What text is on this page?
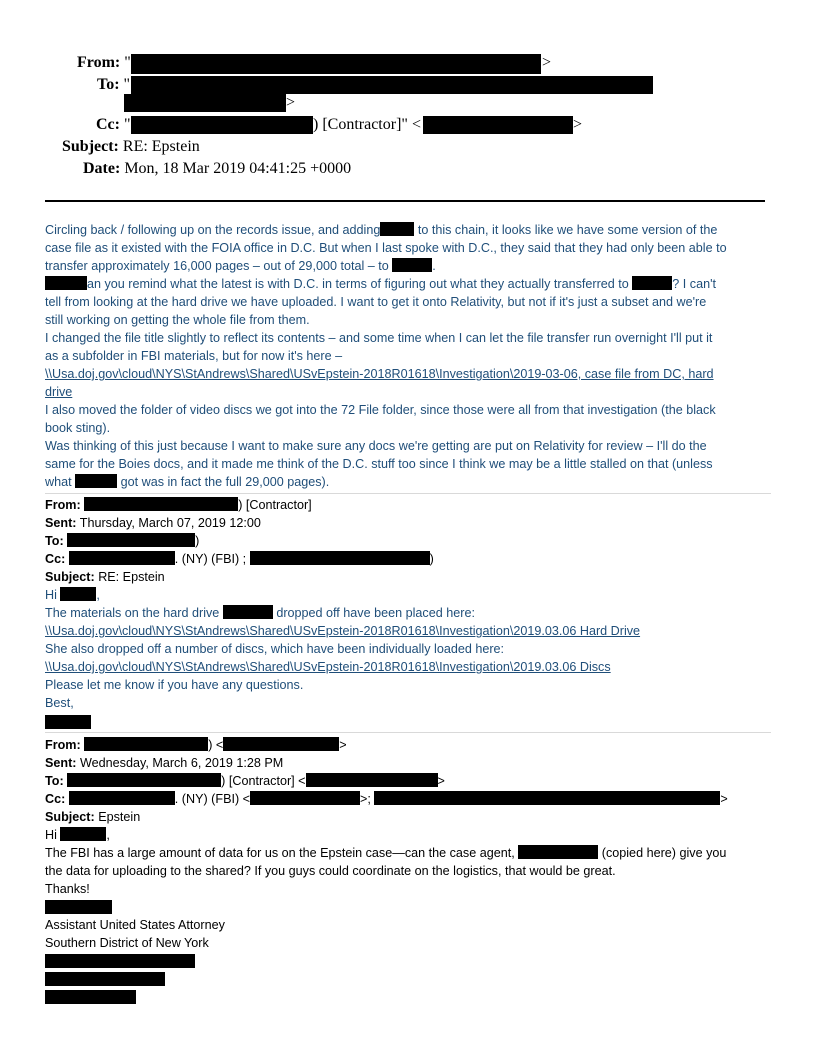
From: "	>
To: "
>
Cc: "	) [Contractor]" <	>
Subject: RE: Epstein
Date: Mon, 18 Mar 2019 04:41:25 +0000
Circling back / following up on the records issue, and adding	to this chain, it looks like we have some version of the
case file as it existed with the FOIA office in D.C. But when I last spoke with D.C., they said that they had only been able to
transfer approximately 16,000 pages – out of 29,000 total – to	.
an you remind what the latest is with D.C. in terms of figuring out what they actually transferred to	? I can't
tell from looking at the hard drive we have uploaded. I want to get it onto Relativity, but not if it's just a subset and we're
still working on getting the whole file from them.
I changed the file title slightly to reflect its contents – and some time when I can let the file transfer run overnight I'll put it
as a subfolder in FBI materials, but for now it's here –
\\Usa.doj.gov\cloud\NYS\StAndrews\Shared\USvEpstein-2018R01618\Investigation\2019-03-06, case file from DC, hard
drive
I also moved the folder of video discs we got into the 72 File folder, since those were all from that investigation (the black
book sting).
Was thinking of this just because I want to make sure any docs we're getting are put on Relativity for review – I'll do the
same for the Boies docs, and it made me think of the D.C. stuff too since I think we may be a little stalled on that (unless
what	got was in fact the full 29,000 pages).
From:	) [Contractor]
Sent: Thursday, March 07, 2019 12:00
To:	)
Cc:	. (NY) (FBI) ;	)
Subject: RE: Epstein
Hi	,
The materials on the hard drive	dropped off have been placed here:
\\Usa.doj.gov\cloud\NYS\StAndrews\Shared\USvEpstein-2018R01618\Investigation\2019.03.06 Hard Drive
She also dropped off a number of discs, which have been individually loaded here:
\\Usa.doj.gov\cloud\NYS\StAndrews\Shared\USvEpstein-2018R01618\Investigation\2019.03.06 Discs
Please let me know if you have any questions.
Best,
From:	) <	>
Sent: Wednesday, March 6, 2019 1:28 PM
To:	) [Contractor] <	>
Cc:	. (NY) (FBI) <	>;	>
Subject: Epstein
Hi	,
The FBI has a large amount of data for us on the Epstein case—can the case agent,	(copied here) give you
the data for uploading to the shared? If you guys could coordinate on the logistics, that would be great.
Thanks!
Assistant United States Attorney
Southern District of New York
